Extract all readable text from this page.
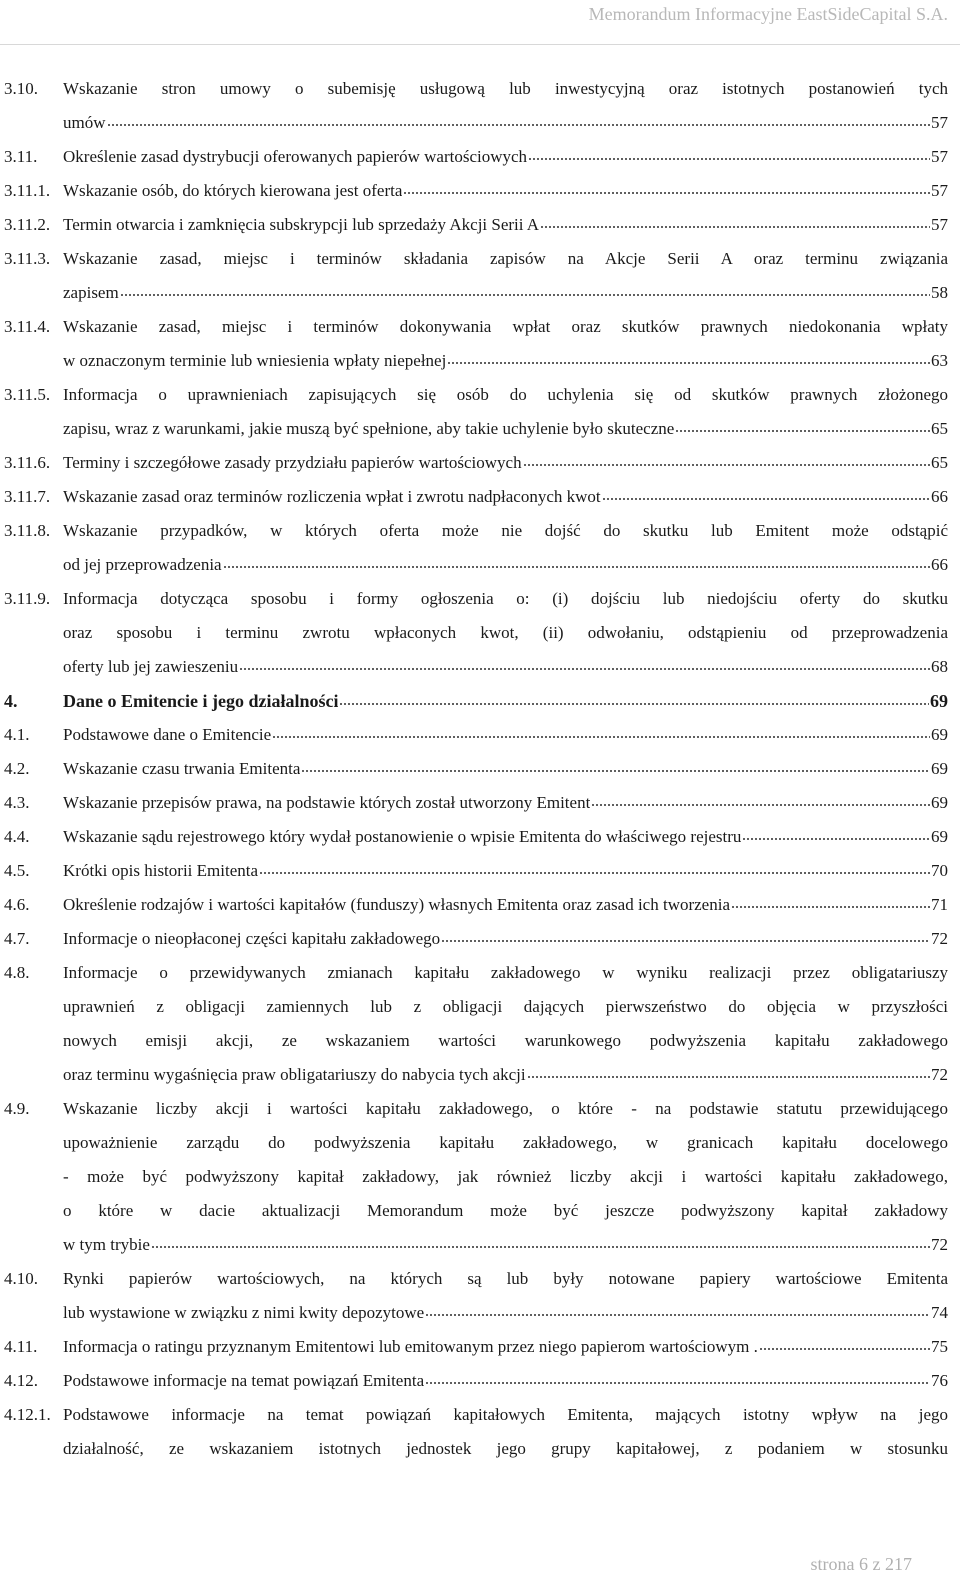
Memorandum Informacyjne EastSideCapital S.A.
3.10.	Wskazanie stron umowy o subemisję usługową lub inwestycyjną oraz istotnych postanowień tych
umów	57
3.11.	Określenie zasad dystrybucji oferowanych papierów wartościowych	57
3.11.1. Wskazanie osób, do których kierowana jest oferta	57
3.11.2. Termin otwarcia i zamknięcia subskrypcji lub sprzedaży Akcji Serii A	57
3.11.3. Wskazanie zasad, miejsc i terminów składania zapisów na Akcje Serii A oraz terminu związania
zapisem	58
3.11.4. Wskazanie zasad, miejsc i terminów dokonywania wpłat oraz skutków prawnych niedokonania wpłaty
w oznaczonym terminie lub wniesienia wpłaty niepełnej	63
3.11.5. Informacja o uprawnieniach zapisujących się osób do uchylenia się od skutków prawnych złożonego
zapisu, wraz z warunkami, jakie muszą być spełnione, aby takie uchylenie było skuteczne	65
3.11.6. Terminy i szczegółowe zasady przydziału papierów wartościowych	65
3.11.7. Wskazanie zasad oraz terminów rozliczenia wpłat i zwrotu nadpłaconych kwot	66
3.11.8. Wskazanie przypadków, w których oferta może nie dojść do skutku lub Emitent może odstąpić
od jej przeprowadzenia	66
3.11.9. Informacja dotycząca sposobu i formy ogłoszenia o: (i) dojściu lub niedojściu oferty do skutku
oraz sposobu i terminu zwrotu wpłaconych kwot, (ii) odwołaniu, odstąpieniu od przeprowadzenia
oferty lub jej zawieszeniu	68
4.	Dane o Emitencie i jego działalności	69
4.1.	Podstawowe dane o Emitencie	69
4.2.	Wskazanie czasu trwania Emitenta	69
4.3.	Wskazanie przepisów prawa, na podstawie których został utworzony Emitent	69
4.4.	Wskazanie sądu rejestrowego który wydał postanowienie o wpisie Emitenta do właściwego rejestru	69
4.5.	Krótki opis historii Emitenta	70
4.6.	Określenie rodzajów i wartości kapitałów (funduszy) własnych Emitenta oraz zasad ich tworzenia	71
4.7.	Informacje o nieopłaconej części kapitału zakładowego	72
4.8.	Informacje o przewidywanych zmianach kapitału zakładowego w wyniku realizacji przez obligatariuszy
uprawnień z obligacji zamiennych lub z obligacji dających pierwszeństwo do objęcia w przyszłości
nowych emisji akcji, ze wskazaniem wartości warunkowego podwyższenia kapitału zakładowego
oraz terminu wygaśnięcia praw obligatariuszy do nabycia tych akcji	72
4.9.	Wskazanie liczby akcji i wartości kapitału zakładowego, o które - na podstawie statutu przewidującego
upoważnienie zarządu do podwyższenia kapitału zakładowego, w granicach kapitału docelowego
- może być podwyższony kapitał zakładowy, jak również liczby akcji i wartości kapitału zakładowego,
o które w dacie aktualizacji Memorandum może być jeszcze podwyższony kapitał zakładowy
w tym trybie	72
4.10.	Rynki papierów wartościowych, na których są lub były notowane papiery wartościowe Emitenta
lub wystawione w związku z nimi kwity depozytowe	74
4.11.	Informacja o ratingu przyznanym Emitentowi lub emitowanym przez niego papierom wartościowym .	75
4.12.	Podstawowe informacje na temat powiązań Emitenta	76
4.12.1. Podstawowe informacje na temat powiązań kapitałowych Emitenta, mających istotny wpływ na jego
działalność, ze wskazaniem istotnych jednostek jego grupy kapitałowej, z podaniem w stosunku
strona 6 z 217
